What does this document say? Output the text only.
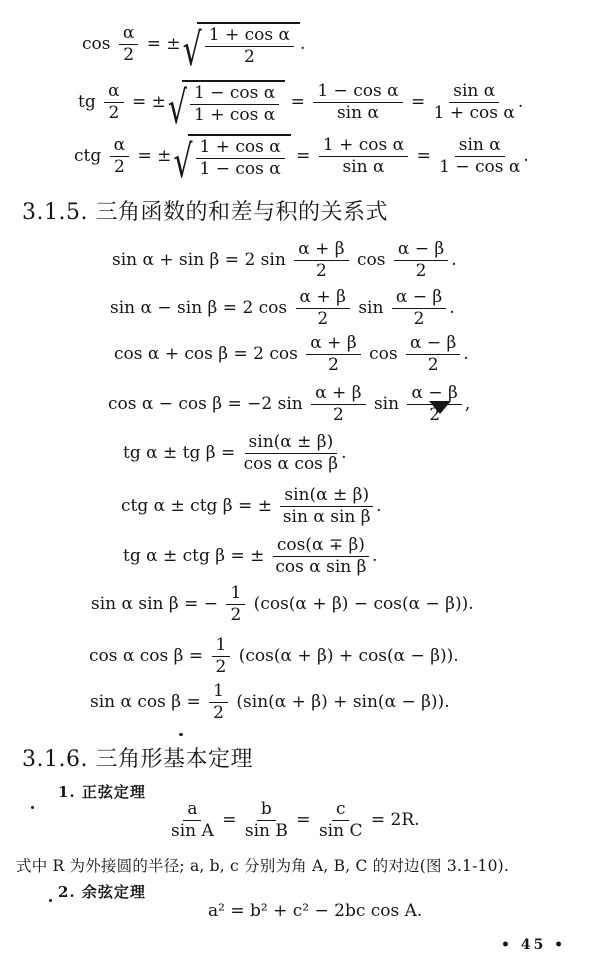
$\cos \frac{\alpha}{2}$ = ± √ $\frac{\text{1 + cos α}}{2}$ .
tg $\frac{\alpha}{2}$ = ± √ $\frac{\text{1 − cos α}}{\text{1 + cos α}} = \frac{\text{1 − cos α}}{\text{sin α}} = \frac{\text{sin α}}{\text{1 + cos α}}$ .
ctg $\frac{\alpha}{2}$ = ± √ $\frac{\text{1 + cos α}}{\text{1 − cos α}} = \frac{\text{1 + cos α}}{\text{sin α}} = \frac{\text{sin α}}{\text{1 − cos α}}$ .
3.1.5. 三角函数的和差与积的关系式
sin α + sin β = 2 $\sin \frac{\alpha + \beta}{2}$ $\cos \frac{\alpha - \beta}{2}$ .
sin α − sin β = 2 $\cos \frac{\alpha + \beta}{2}$ $\sin \frac{\alpha - \beta}{2}$ .
cos α + cos β = 2 $\cos \frac{\alpha + \beta}{2}$ $\cos \frac{\alpha - \beta}{2}$ .
cos α − cos β = −2 $\sin \frac{\alpha + \beta}{2}$ $\sin \frac{\alpha - \beta}{2}$ ,
tg α ± tg $\beta = \frac{\sin(\alpha \pm \beta)}{\text{cos α cos β}}$ .
ctg α ± ctg β = ± $\frac{\sin(\alpha \pm \beta)}{\text{sin α sin β}}$ .
tg α ± ctg β = ± $\frac{\cos(\alpha \mp \beta)}{\text{cos α sin β}}$ .
sin α sin β = − $\frac{1}{2} (\cos(\alpha + \beta) - \cos(\alpha - \beta))$.
cos α $\cos \beta = \frac{1}{2} (\cos(\alpha + \beta) + \cos(\alpha - \beta))$.
sin α $\cos \beta = \frac{1}{2} (\sin(\alpha + \beta) + \sin(\alpha - \beta))$.
3.1.6. 三角形基本定理
1. 正弦定理
$\frac{a}{\text{sin A}} = \frac{b}{\text{sin B}} = \frac{c}{\text{sin C}} = 2R$.
式中 R 为外接圆的半径; a, b, c 分别为角 A, B, C 的对边(图 3.1-10).
2. 余弦定理
a² = b² + c² − 2bc cos A.
• 45 •
